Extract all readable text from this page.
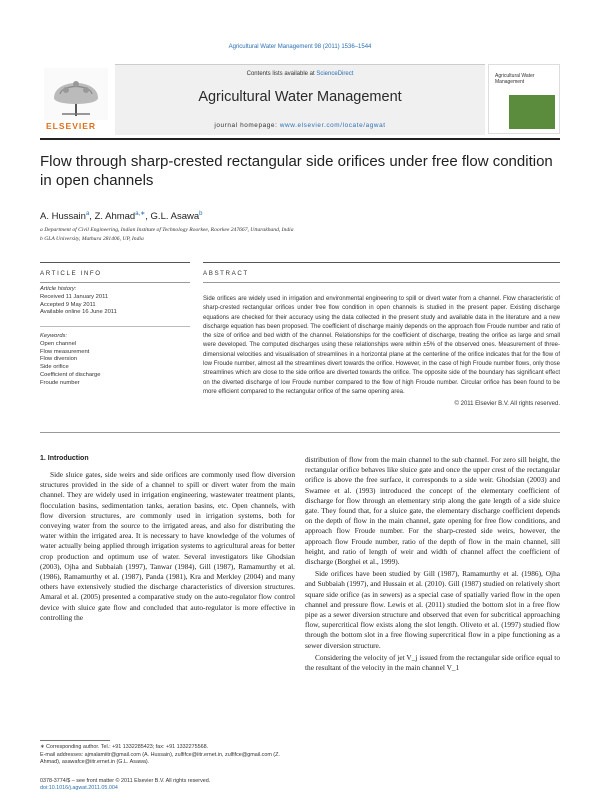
Agricultural Water Management 98 (2011) 1536–1544
ELSEVIER
Contents lists available at ScienceDirect
Agricultural Water Management
journal homepage: www.elsevier.com/locate/agwat
Agricultural Water Management
Flow through sharp-crested rectangular side orifices under free flow condition in open channels
A. Hussain$^a$, Z. Ahmad$^{a,∗}$, G.L. Asawa$^b$
a Department of Civil Engineering, Indian Institute of Technology Roorkee, Roorkee 247667, Uttarakhand, India
b GLA University, Mathura 281406, UP, India
ARTICLE INFO	ABSTRACT
Article history:
Received 11 January 2011
Accepted 9 May 2011
Available online 16 June 2011
Keywords:
Open channel
Flow measurement
Flow diversion
Side orifice
Coefficient of discharge
Froude number
Side orifices are widely used in irrigation and environmental engineering to spill or divert water from a channel. Flow characteristic of sharp-crested rectangular orifices under free flow condition in open channels is studied in the present paper. Existing discharge equations are checked for their accuracy using the data collected in the present study and available data in the literature and a new discharge equation has been proposed. The coefficient of discharge mainly depends on the approach flow Froude number and ratio of the size of orifice and bed width of the channel. Relationships for the coefficient of discharge, treating the orifice as large and small were developed. The computed discharges using these relationships were within ±5% of the observed ones. Measurement of three-dimensional velocities and visualisation of streamlines in a horizontal plane at the centerline of the orifice indicates that for the flow of low Froude number, almost all the streamlines divert towards the orifice. However, in the case of high Froude number flows, only those streamlines which are close to the side orifice are diverted towards the orifice. The opposite side of the boundary has significant effect on the diverted discharge of low Froude number compared to the flow of high Froude number. Circular orifice has been found to be more efficient compared to the rectangular orifice of the same opening area.
© 2011 Elsevier B.V. All rights reserved.
1. Introduction

Side sluice gates, side weirs and side orifices are commonly used flow diversion structures provided in the side of a channel to spill or divert water from the main channel. They are widely used in irrigation engineering, wastewater treatment plants, flocculation basins, sedimentation tanks, aeration basins, etc. Open channels, with flow diversion structures, are commonly used in irrigation systems, both for conveying water from the source to the irrigated areas, and also for distributing the water within the irrigated area. It is necessary to have knowledge of the volumes of water actually being applied through irrigation systems to agricultural areas for better crop production and optimum use of water. Several investigators like Ghodsian (2003), Ojha and Subbaiah (1997), Tanwar (1984), Gill (1987), Ramamurthy et al. (1986), Ramamurthy et al. (1987), Panda (1981), Kra and Merkley (2004) and many others have extensively studied the discharge characteristics of diversion structures. Amaral et al. (2005) presented a comparative study on the auto-regulator flow control device with sluice gate flow and concluded that auto-regulator is more effective in controlling the

distribution of flow from the main channel to the sub channel. For zero sill height, the rectangular orifice behaves like sluice gate and once the upper crest of the rectangular orifice is above the free surface, it corresponds to a side weir. Ghodsian (2003) and Swamee et al. (1993) introduced the concept of the elementary coefficient of discharge for flow through an elementary strip along the gate length of a side sluice gate. They found that, for a sluice gate, the elementary discharge coefficient depends on the depth of flow in the main channel, gate opening for free flow conditions, and approach flow Froude number. For the sharp-crested side weirs, however, the approach flow Froude number, ratio of the depth of flow in the main channel, sill height, and ratio of length of weir and width of channel affect the coefficient of discharge (Borghei et al., 1999).

Side orifices have been studied by Gill (1987), Ramamurthy et al. (1986), Ojha and Subbaiah (1997), and Hussain et al. (2010). Gill (1987) studied on relatively short square side orifice (as in sewers) as a special case of spatially varied flow in the open channel and pressure flow. Lewis et al. (2011) studied the bottom slot in a free flow pipe as a sewer diversion structure and observed that even for subcritical approaching flow, supercritical flow exists along the slot length. Oliveto et al. (1997) studied flow through the bottom slot in a free flowing supercritical flow in a pipe functioning as a sewer diversion structure.

Considering the velocity of jet V_j issued from the rectangular side orifice equal to the resultant of the velocity in the main channel V_1

∗ Corresponding author. Tel.: +91 1332285423; fax: +91 1332275568.
E-mail addresses: ajmalamiitr@gmail.com (A. Hussain), zulfifce@iitr.ernet.in, zulfifce@gmail.com (Z. Ahmad), asawafce@iitr.ernet.in (G.L. Asawa).
0378-3774/$ – see front matter © 2011 Elsevier B.V. All rights reserved.
doi:10.1016/j.agwat.2011.05.004
